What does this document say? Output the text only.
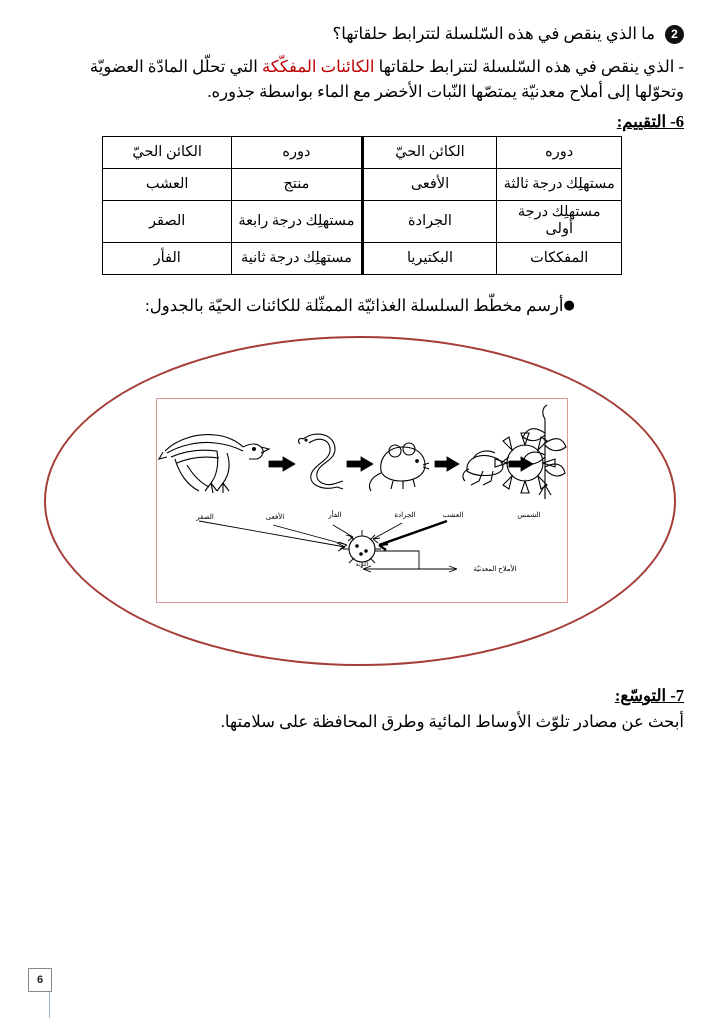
2
ما الذي ينقص في هذه السّلسلة لتترابط حلقاتها؟
- الذي ينقص في هذه السّلسلة لتترابط حلقاتها الكائنات المفكّكة التي تحلّل المادّة العضويّة
وتحوّلها إلى أملاح معدنيّة يمتصّها النّبات الأخضر مع الماء بواسطة جذوره.
6- التقييم:
دوره	الكائن الحيّ	دوره	الكائن الحيّ
مستهلِك درجة ثالثة	الأفعى	منتج	العشب
مستهلِك درجة أولى	الجرادة	مستهلِك درجة رابعة	الصقر
المفككات	البكتيريا	مستهلِك درجة ثانية	الفأر
●أرسم مخطّط السلسلة الغذائيّة الممثّلة للكائنات الحيّة بالجدول:
الصقر	الأفعى	الفأر	الجرادة	العشب	الشمس
التربة	الأملاح المعدنيّة
7- التوسّع:
أبحث عن مصادر تلوّث الأوساط المائية وطرق المحافظة على سلامتها.
6
